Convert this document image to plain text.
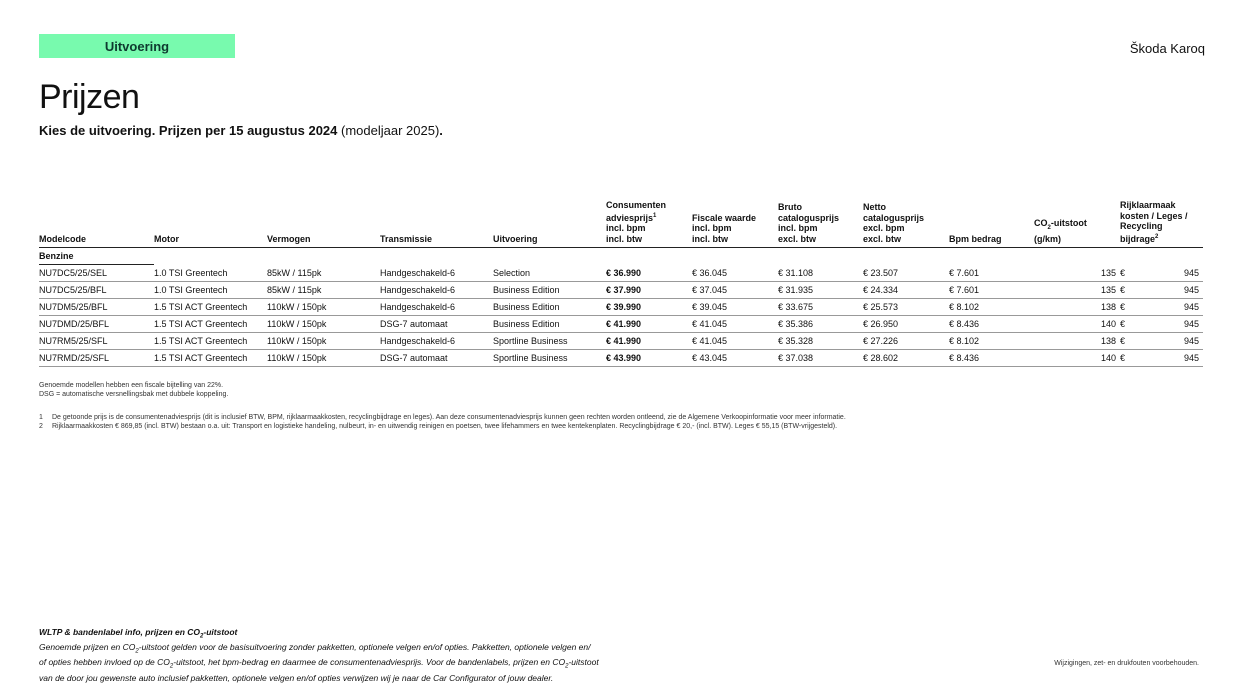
Uitvoering	Škoda Karoq
Prijzen
Kies de uitvoering. Prijzen per 15 augustus 2024 (modeljaar 2025).
Modelcode	Motor	Vermogen	Transmissie	Uitvoering	Consumenten
adviesprijs$^1$
incl. bpm
incl. btw	Fiscale waarde
incl. bpm
incl. btw	Bruto
catalogusprijs
incl. bpm
excl. btw	Netto
catalogusprijs
excl. bpm
excl. btw	Bpm bedrag	$CO_2$-uitstoot
(g/km)	Rijklaarmaak
kosten / Leges /
Recycling
bijdrage$^2$
Benzine											
NU7DC5/25/SEL	1.0 TSI Greentech	85kW / 115pk	Handgeschakeld-6	Selection	€ 36.990	€ 36.045	€ 31.108	€ 23.507	€ 7.601	135	€ 945

NU7DC5/25/BFL	1.0 TSI Greentech	85kW / 115pk	Handgeschakeld-6	Business Edition	€ 37.990	€ 37.045	€ 31.935	€ 24.334	€ 7.601	135	€ 945

NU7DM5/25/BFL	1.5 TSI ACT Greentech	110kW / 150pk	Handgeschakeld-6	Business Edition	€ 39.990	€ 39.045	€ 33.675	€ 25.573	€ 8.102	138	€ 945

NU7DMD/25/BFL	1.5 TSI ACT Greentech	110kW / 150pk	DSG-7 automaat	Business Edition	€ 41.990	€ 41.045	€ 35.386	€ 26.950	€ 8.436	140	€ 945

NU7RM5/25/SFL	1.5 TSI ACT Greentech	110kW / 150pk	Handgeschakeld-6	Sportline Business	€ 41.990	€ 41.045	€ 35.328	€ 27.226	€ 8.102	138	€ 945

NU7RMD/25/SFL	1.5 TSI ACT Greentech	110kW / 150pk	DSG-7 automaat	Sportline Business	€ 43.990	€ 43.045	€ 37.038	€ 28.602	€ 8.436	140	€ 945
Genoemde modellen hebben een fiscale bijtelling van 22%.
DSG = automatische versnellingsbak met dubbele koppeling.
1	De getoonde prijs is de consumentenadviesprijs (dit is inclusief BTW, BPM, rijklaarmaakkosten, recyclingbijdrage en leges). Aan deze consumentenadviesprijs kunnen geen rechten worden ontleend, zie de Algemene Verkoopinformatie voor meer informatie.
2	Rijklaarmaakkosten € 869,85 (incl. BTW) bestaan o.a. uit: Transport en logistieke handeling, nulbeurt, in- en uitwendig reinigen en poetsen, twee lifehammers en twee kentekenplaten. Recyclingbijdrage € 20,- (incl. BTW). Leges € 55,15 (BTW-vrijgesteld).
WLTP & bandenlabel info, prijzen en $CO_2$-uitstoot
Genoemde prijzen en $CO_2$-uitstoot gelden voor de basisuitvoering zonder pakketten, optionele velgen en/of opties. Pakketten, optionele velgen en/
of opties hebben invloed op de $CO_2$-uitstoot, het bpm-bedrag en daarmee de consumentenadviesprijs. Voor de bandenlabels, prijzen en $CO_2$-uitstoot
van de door jou gewenste auto inclusief pakketten, optionele velgen en/of opties verwijzen wij je naar de Car Configurator of jouw dealer.
Wijzigingen, zet- en drukfouten voorbehouden.
